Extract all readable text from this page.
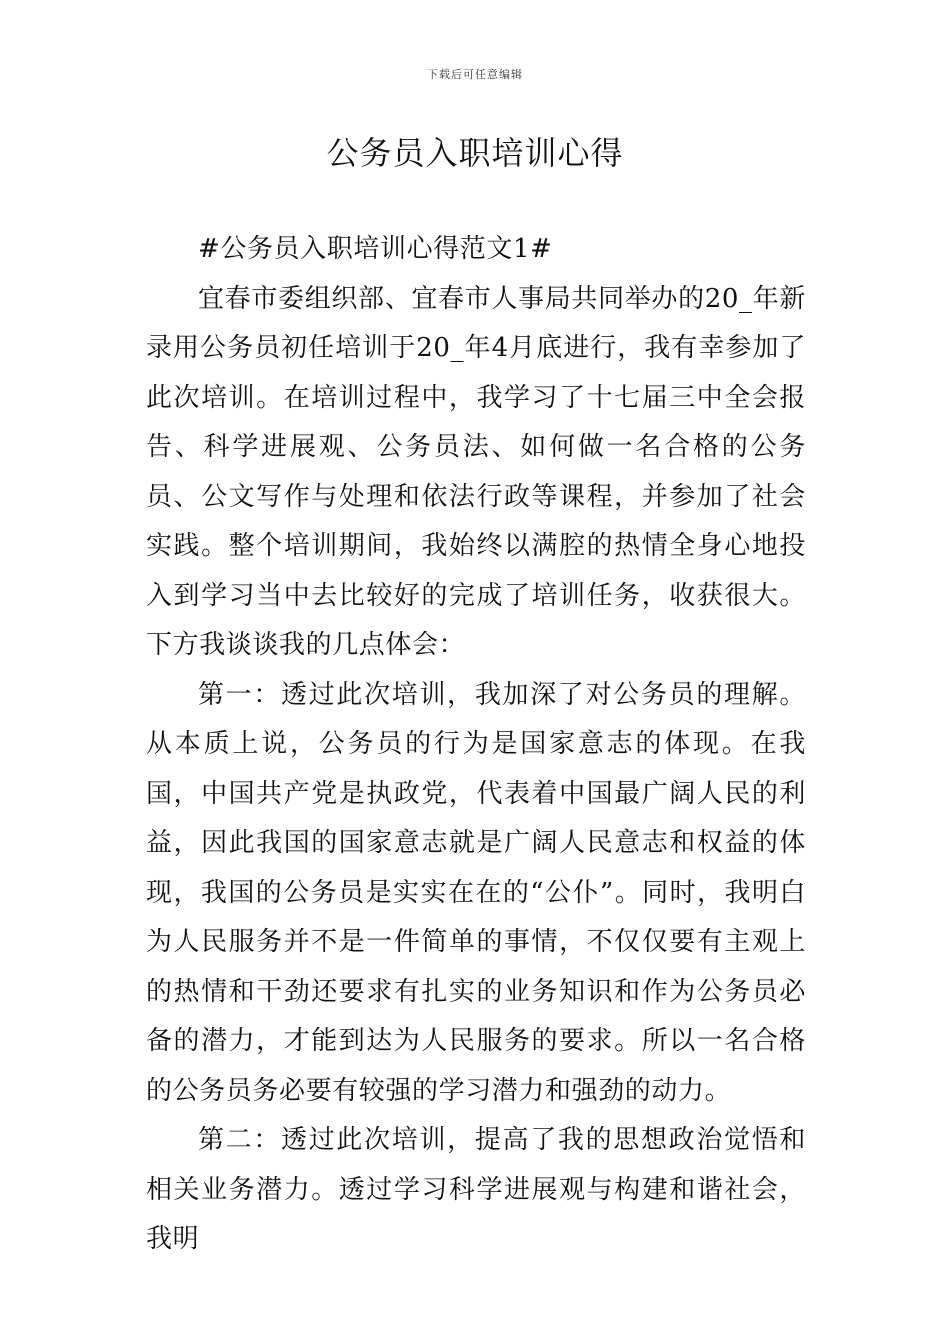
下载后可任意编辑
公务员入职培训心得

#公务员入职培训心得范文1#

宜春市委组织部、宜春市人事局共同举办的20_年新录用公务员初任培训于20_年4月底进行，我有幸参加了此次培训。在培训过程中，我学习了十七届三中全会报告、科学进展观、公务员法、如何做一名合格的公务员、公文写作与处理和依法行政等课程，并参加了社会实践。整个培训期间，我始终以满腔的热情全身心地投入到学习当中去比较好的完成了培训任务，收获很大。下方我谈谈我的几点体会：

第一：透过此次培训，我加深了对公务员的理解。从本质上说，公务员的行为是国家意志的体现。在我国，中国共产党是执政党，代表着中国最广阔人民的利益，因此我国的国家意志就是广阔人民意志和权益的体现，我国的公务员是实实在在的“公仆”。同时，我明白为人民服务并不是一件简单的事情，不仅仅要有主观上的热情和干劲还要求有扎实的业务知识和作为公务员必备的潜力，才能到达为人民服务的要求。所以一名合格的公务员务必要有较强的学习潜力和强劲的动力。

第二：透过此次培训，提高了我的思想政治觉悟和相关业务潜力。透过学习科学进展观与构建和谐社会，我明
